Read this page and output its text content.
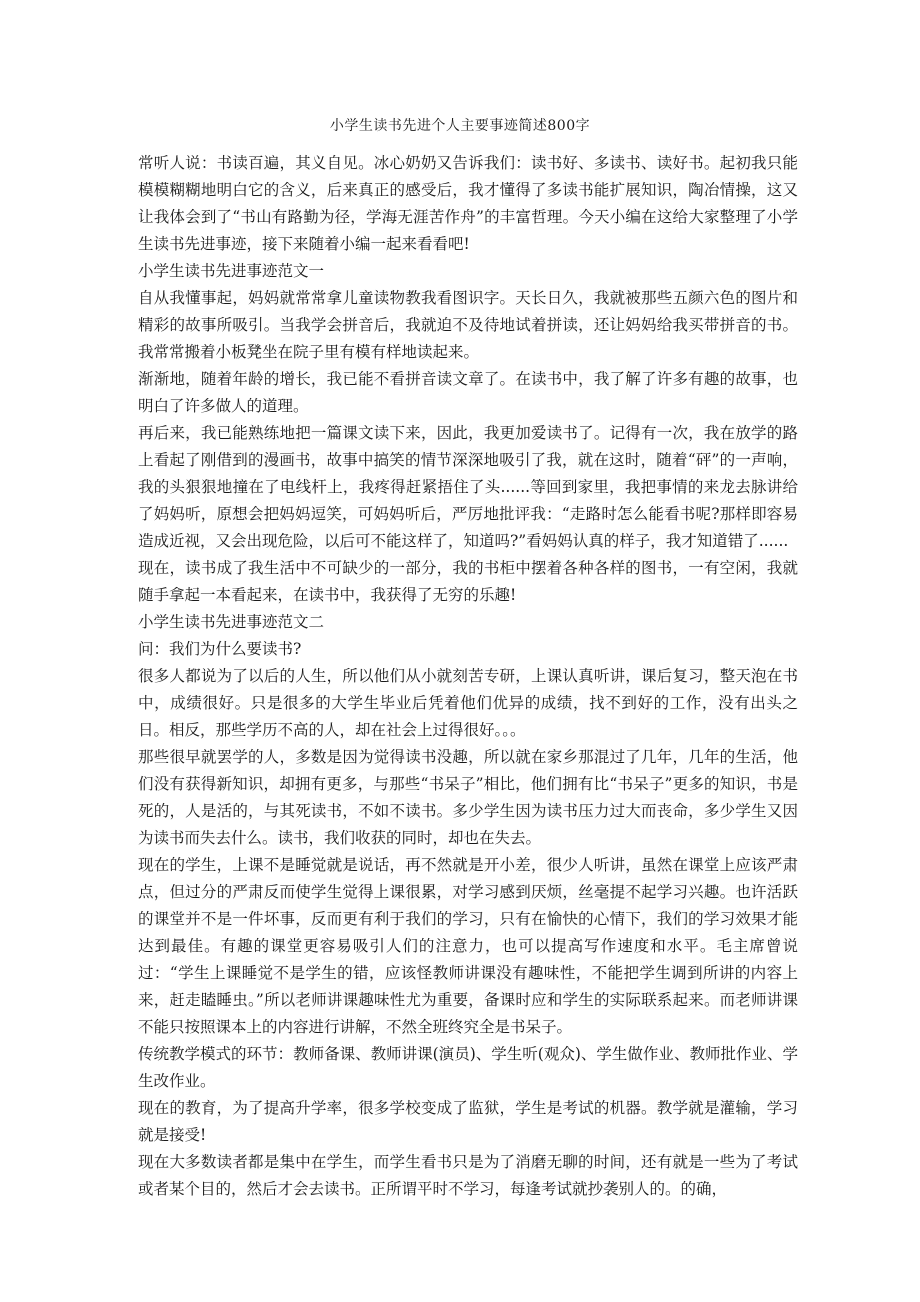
小学生读书先进个人主要事迹简述800字

常听人说：书读百遍，其义自见。冰心奶奶又告诉我们：读书好、多读书、读好书。起初我只能模模糊糊地明白它的含义，后来真正的感受后，我才懂得了多读书能扩展知识，陶冶情操，这又让我体会到了“书山有路勤为径，学海无涯苦作舟”的丰富哲理。今天小编在这给大家整理了小学生读书先进事迹，接下来随着小编一起来看看吧!

小学生读书先进事迹范文一

自从我懂事起，妈妈就常常拿儿童读物教我看图识字。天长日久，我就被那些五颜六色的图片和精彩的故事所吸引。当我学会拼音后，我就迫不及待地试着拼读，还让妈妈给我买带拼音的书。我常常搬着小板凳坐在院子里有模有样地读起来。

渐渐地，随着年龄的增长，我已能不看拼音读文章了。在读书中，我了解了许多有趣的故事，也明白了许多做人的道理。

再后来，我已能熟练地把一篇课文读下来，因此，我更加爱读书了。记得有一次，我在放学的路上看起了刚借到的漫画书，故事中搞笑的情节深深地吸引了我，就在这时，随着“砰”的一声响，我的头狠狠地撞在了电线杆上，我疼得赶紧捂住了头......等回到家里，我把事情的来龙去脉讲给了妈妈听，原想会把妈妈逗笑，可妈妈听后，严厉地批评我：“走路时怎么能看书呢?那样即容易造成近视，又会出现危险，以后可不能这样了，知道吗?”看妈妈认真的样子，我才知道错了......

现在，读书成了我生活中不可缺少的一部分，我的书柜中摆着各种各样的图书，一有空闲，我就随手拿起一本看起来，在读书中，我获得了无穷的乐趣!

小学生读书先进事迹范文二

问：我们为什么要读书?

很多人都说为了以后的人生，所以他们从小就刻苦专研，上课认真听讲，课后复习，整天泡在书中，成绩很好。只是很多的大学生毕业后凭着他们优异的成绩，找不到好的工作，没有出头之日。相反，那些学历不高的人，却在社会上过得很好。。。

那些很早就罢学的人，多数是因为觉得读书没趣，所以就在家乡那混过了几年，几年的生活，他们没有获得新知识，却拥有更多，与那些“书呆子”相比，他们拥有比“书呆子”更多的知识，书是死的，人是活的，与其死读书，不如不读书。多少学生因为读书压力过大而丧命，多少学生又因为读书而失去什么。读书，我们收获的同时，却也在失去。

现在的学生，上课不是睡觉就是说话，再不然就是开小差，很少人听讲，虽然在课堂上应该严肃点，但过分的严肃反而使学生觉得上课很累，对学习感到厌烦，丝毫提不起学习兴趣。也许活跃的课堂并不是一件坏事，反而更有利于我们的学习，只有在愉快的心情下，我们的学习效果才能达到最佳。有趣的课堂更容易吸引人们的注意力，也可以提高写作速度和水平。毛主席曾说过：“学生上课睡觉不是学生的错，应该怪教师讲课没有趣味性，不能把学生调到所讲的内容上来，赶走瞌睡虫。”所以老师讲课趣味性尤为重要，备课时应和学生的实际联系起来。而老师讲课不能只按照课本上的内容进行讲解，不然全班终究全是书呆子。

传统教学模式的环节：教师备课、教师讲课(演员)、学生听(观众)、学生做作业、教师批作业、学生改作业。

现在的教育，为了提高升学率，很多学校变成了监狱，学生是考试的机器。教学就是灌输，学习就是接受!

现在大多数读者都是集中在学生，而学生看书只是为了消磨无聊的时间，还有就是一些为了考试或者某个目的，然后才会去读书。正所谓平时不学习，每逢考试就抄袭别人的。的确，
